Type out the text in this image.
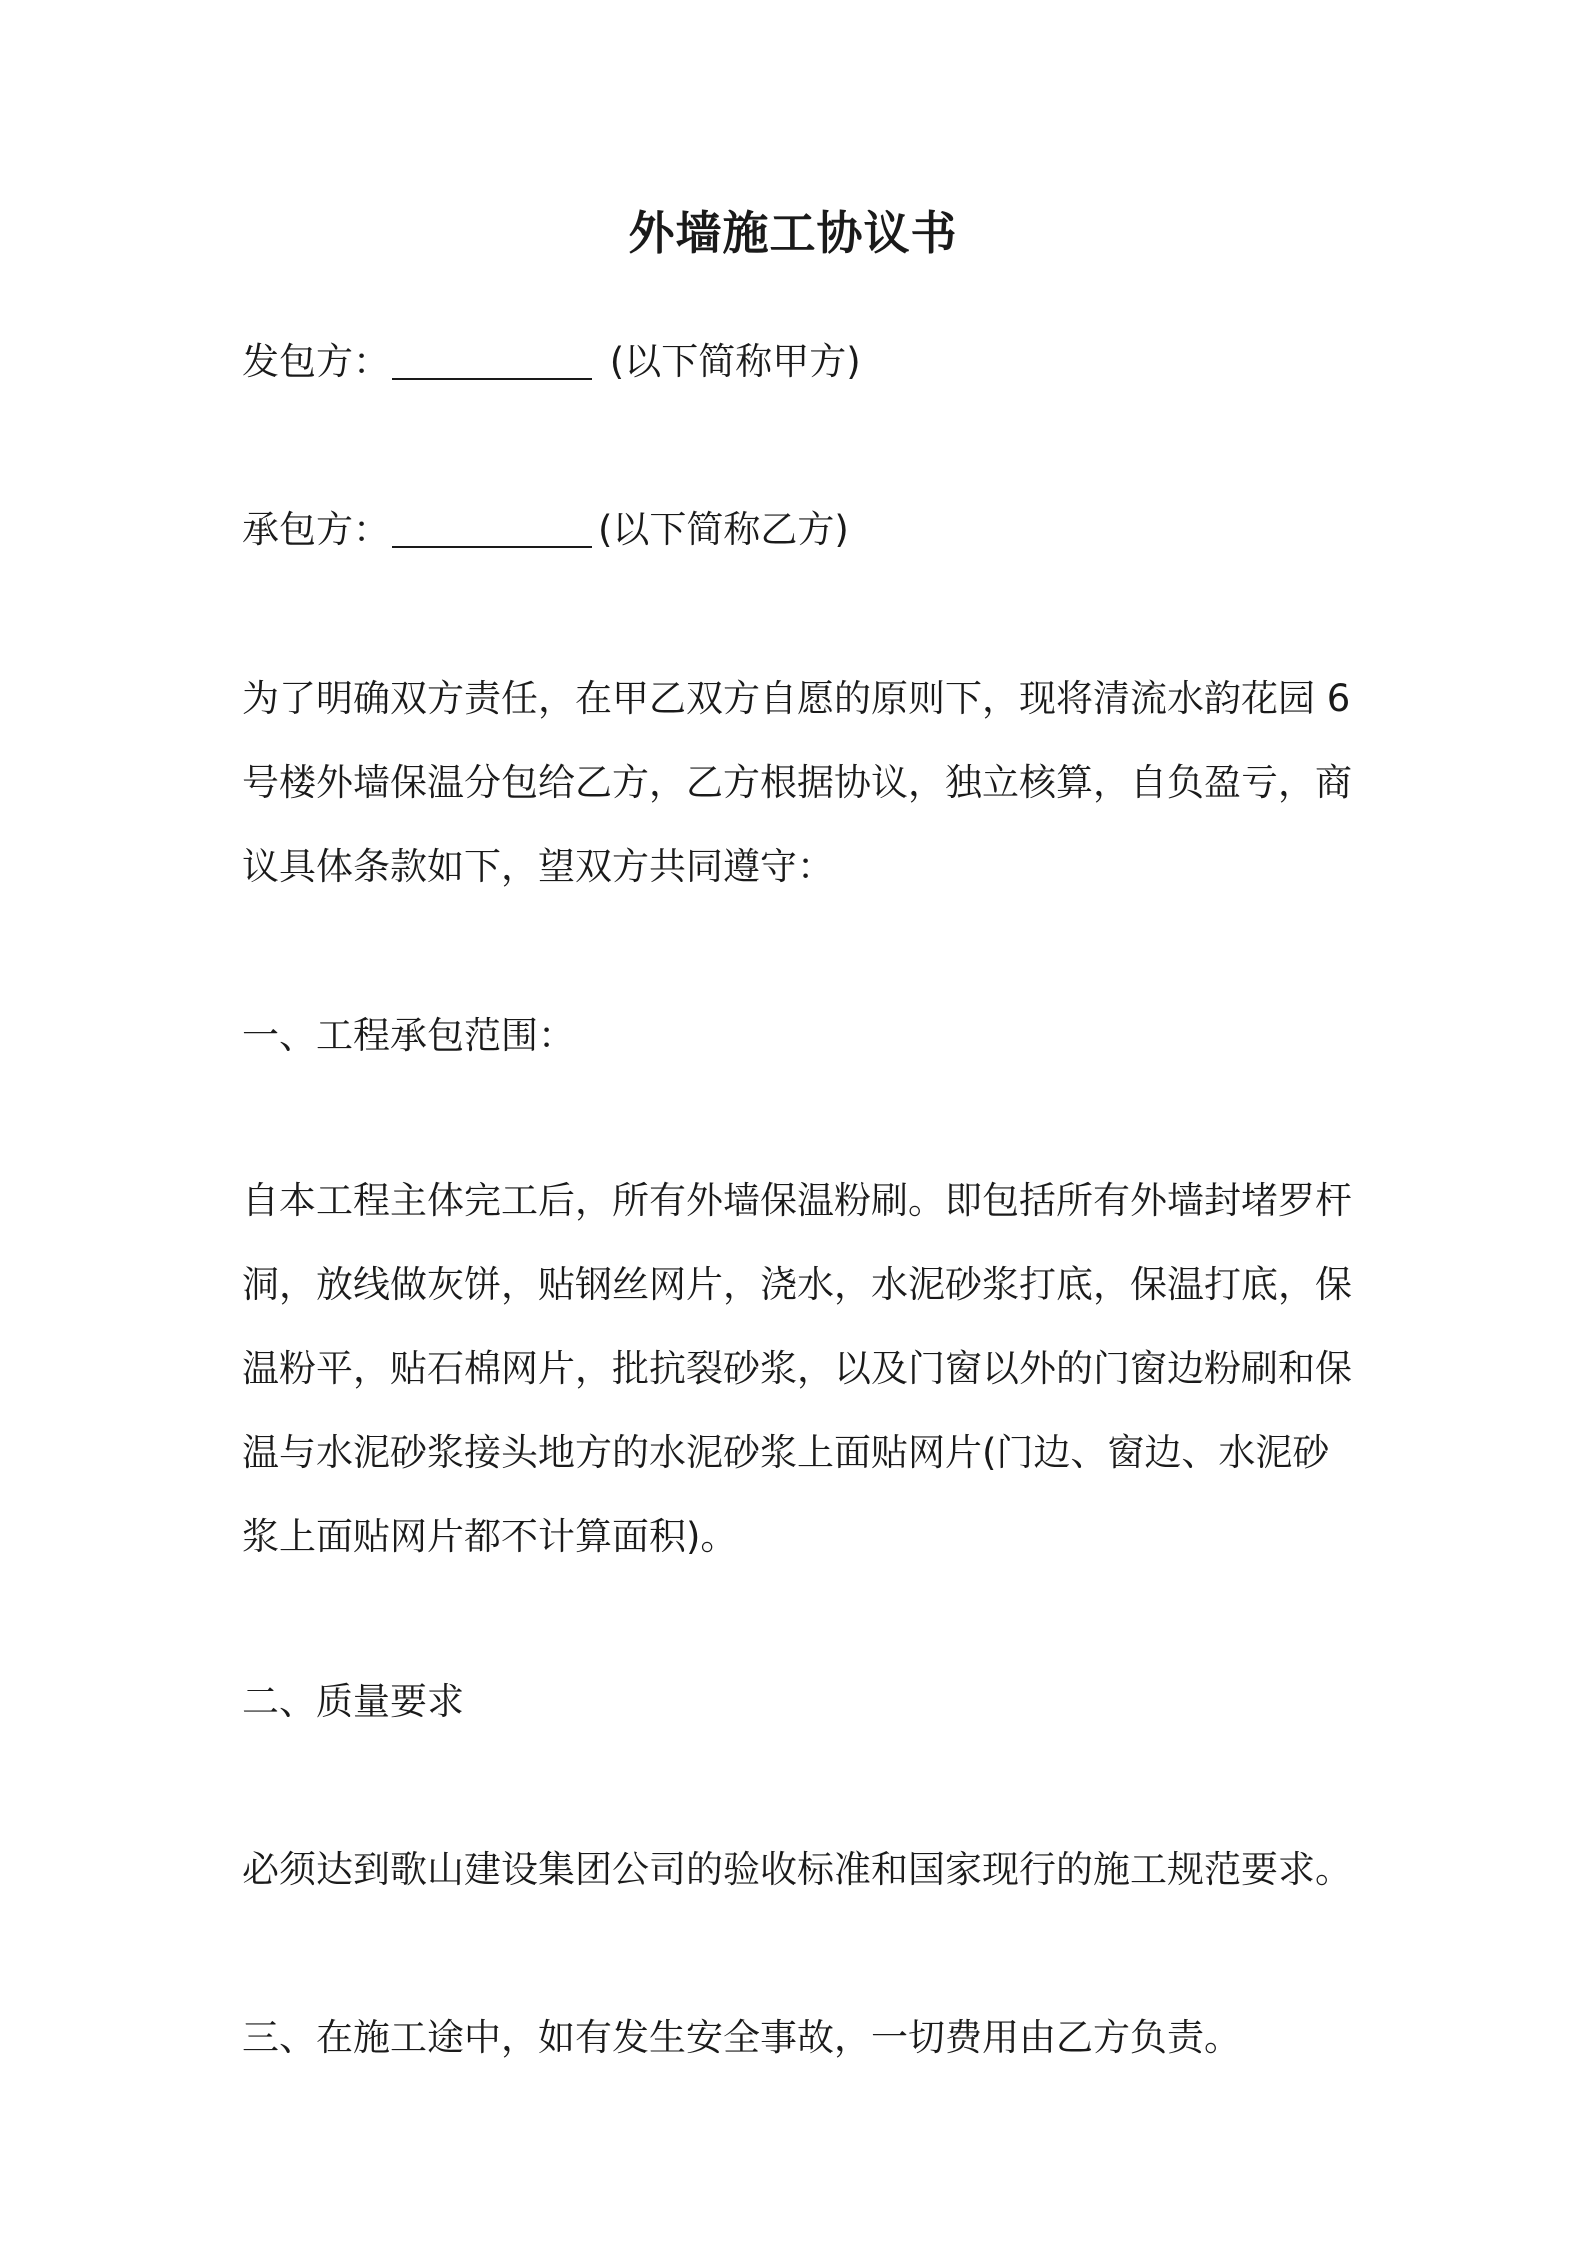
外墙施工协议书

发包方：	(以下简称甲方)

承包方：	(以下简称乙方)

为了明确双方责任，在甲乙双方自愿的原则下，现将清流水韵花园 6
号楼外墙保温分包给乙方，乙方根据协议，独立核算，自负盈亏，商
议具体条款如下，望双方共同遵守：

一、工程承包范围：

自本工程主体完工后，所有外墙保温粉刷。即包括所有外墙封堵罗杆
洞，放线做灰饼，贴钢丝网片，浇水，水泥砂浆打底，保温打底，保
温粉平，贴石棉网片，批抗裂砂浆，以及门窗以外的门窗边粉刷和保
温与水泥砂浆接头地方的水泥砂浆上面贴网片(门边、窗边、水泥砂
浆上面贴网片都不计算面积)。

二、质量要求

必须达到歌山建设集团公司的验收标准和国家现行的施工规范要求。

三、在施工途中，如有发生安全事故，一切费用由乙方负责。
